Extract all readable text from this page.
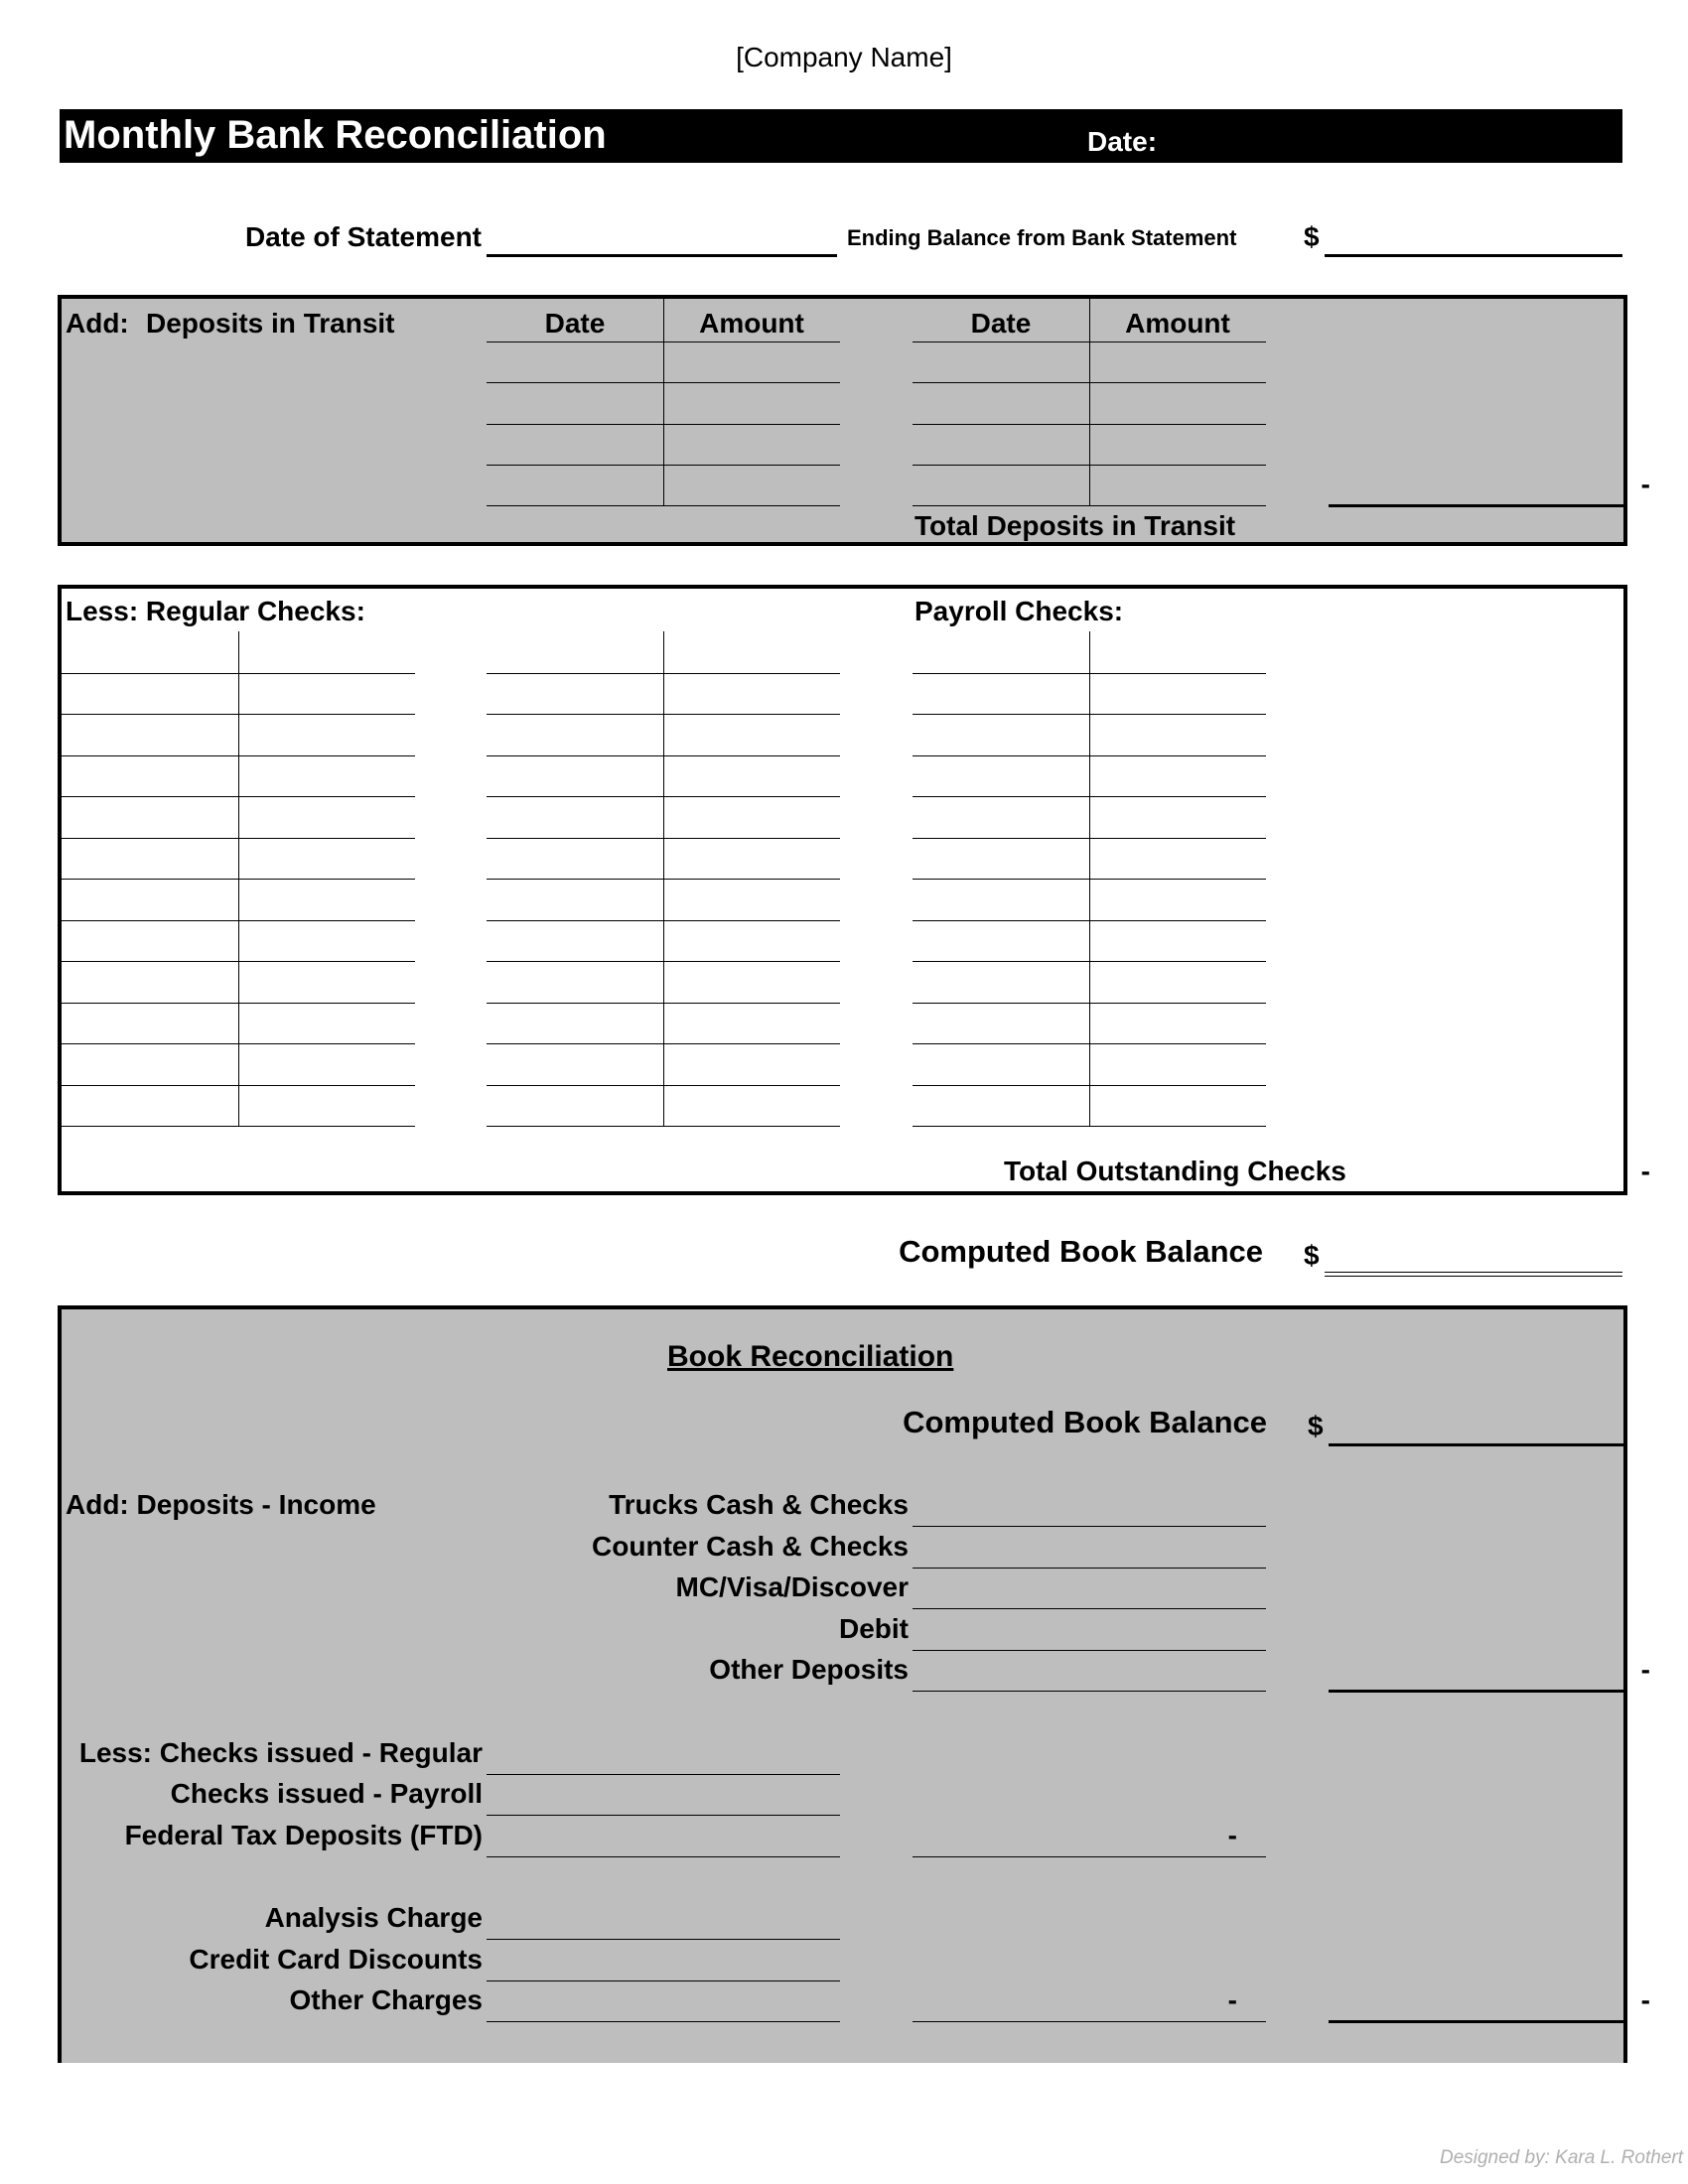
[Company Name]
Monthly Bank Reconciliation	Date:
Date of Statement	Ending Balance from Bank Statement $
Add: Deposits in Transit	Date	Amount	Date	Amount
-
Total Deposits in Transit
Less: Regular Checks:	Payroll Checks:
Total Outstanding Checks	-
Computed Book Balance $
Book Reconciliation
Computed Book Balance $
Add: Deposits - Income	Trucks Cash & Checks
Counter Cash & Checks
MC/Visa/Discover
Debit
Other Deposits	-
Less: Checks issued - Regular
Checks issued - Payroll
Federal Tax Deposits (FTD)	-
Analysis Charge
Credit Card Discounts
Other Charges	-	-
Designed by: Kara L. Rothert
